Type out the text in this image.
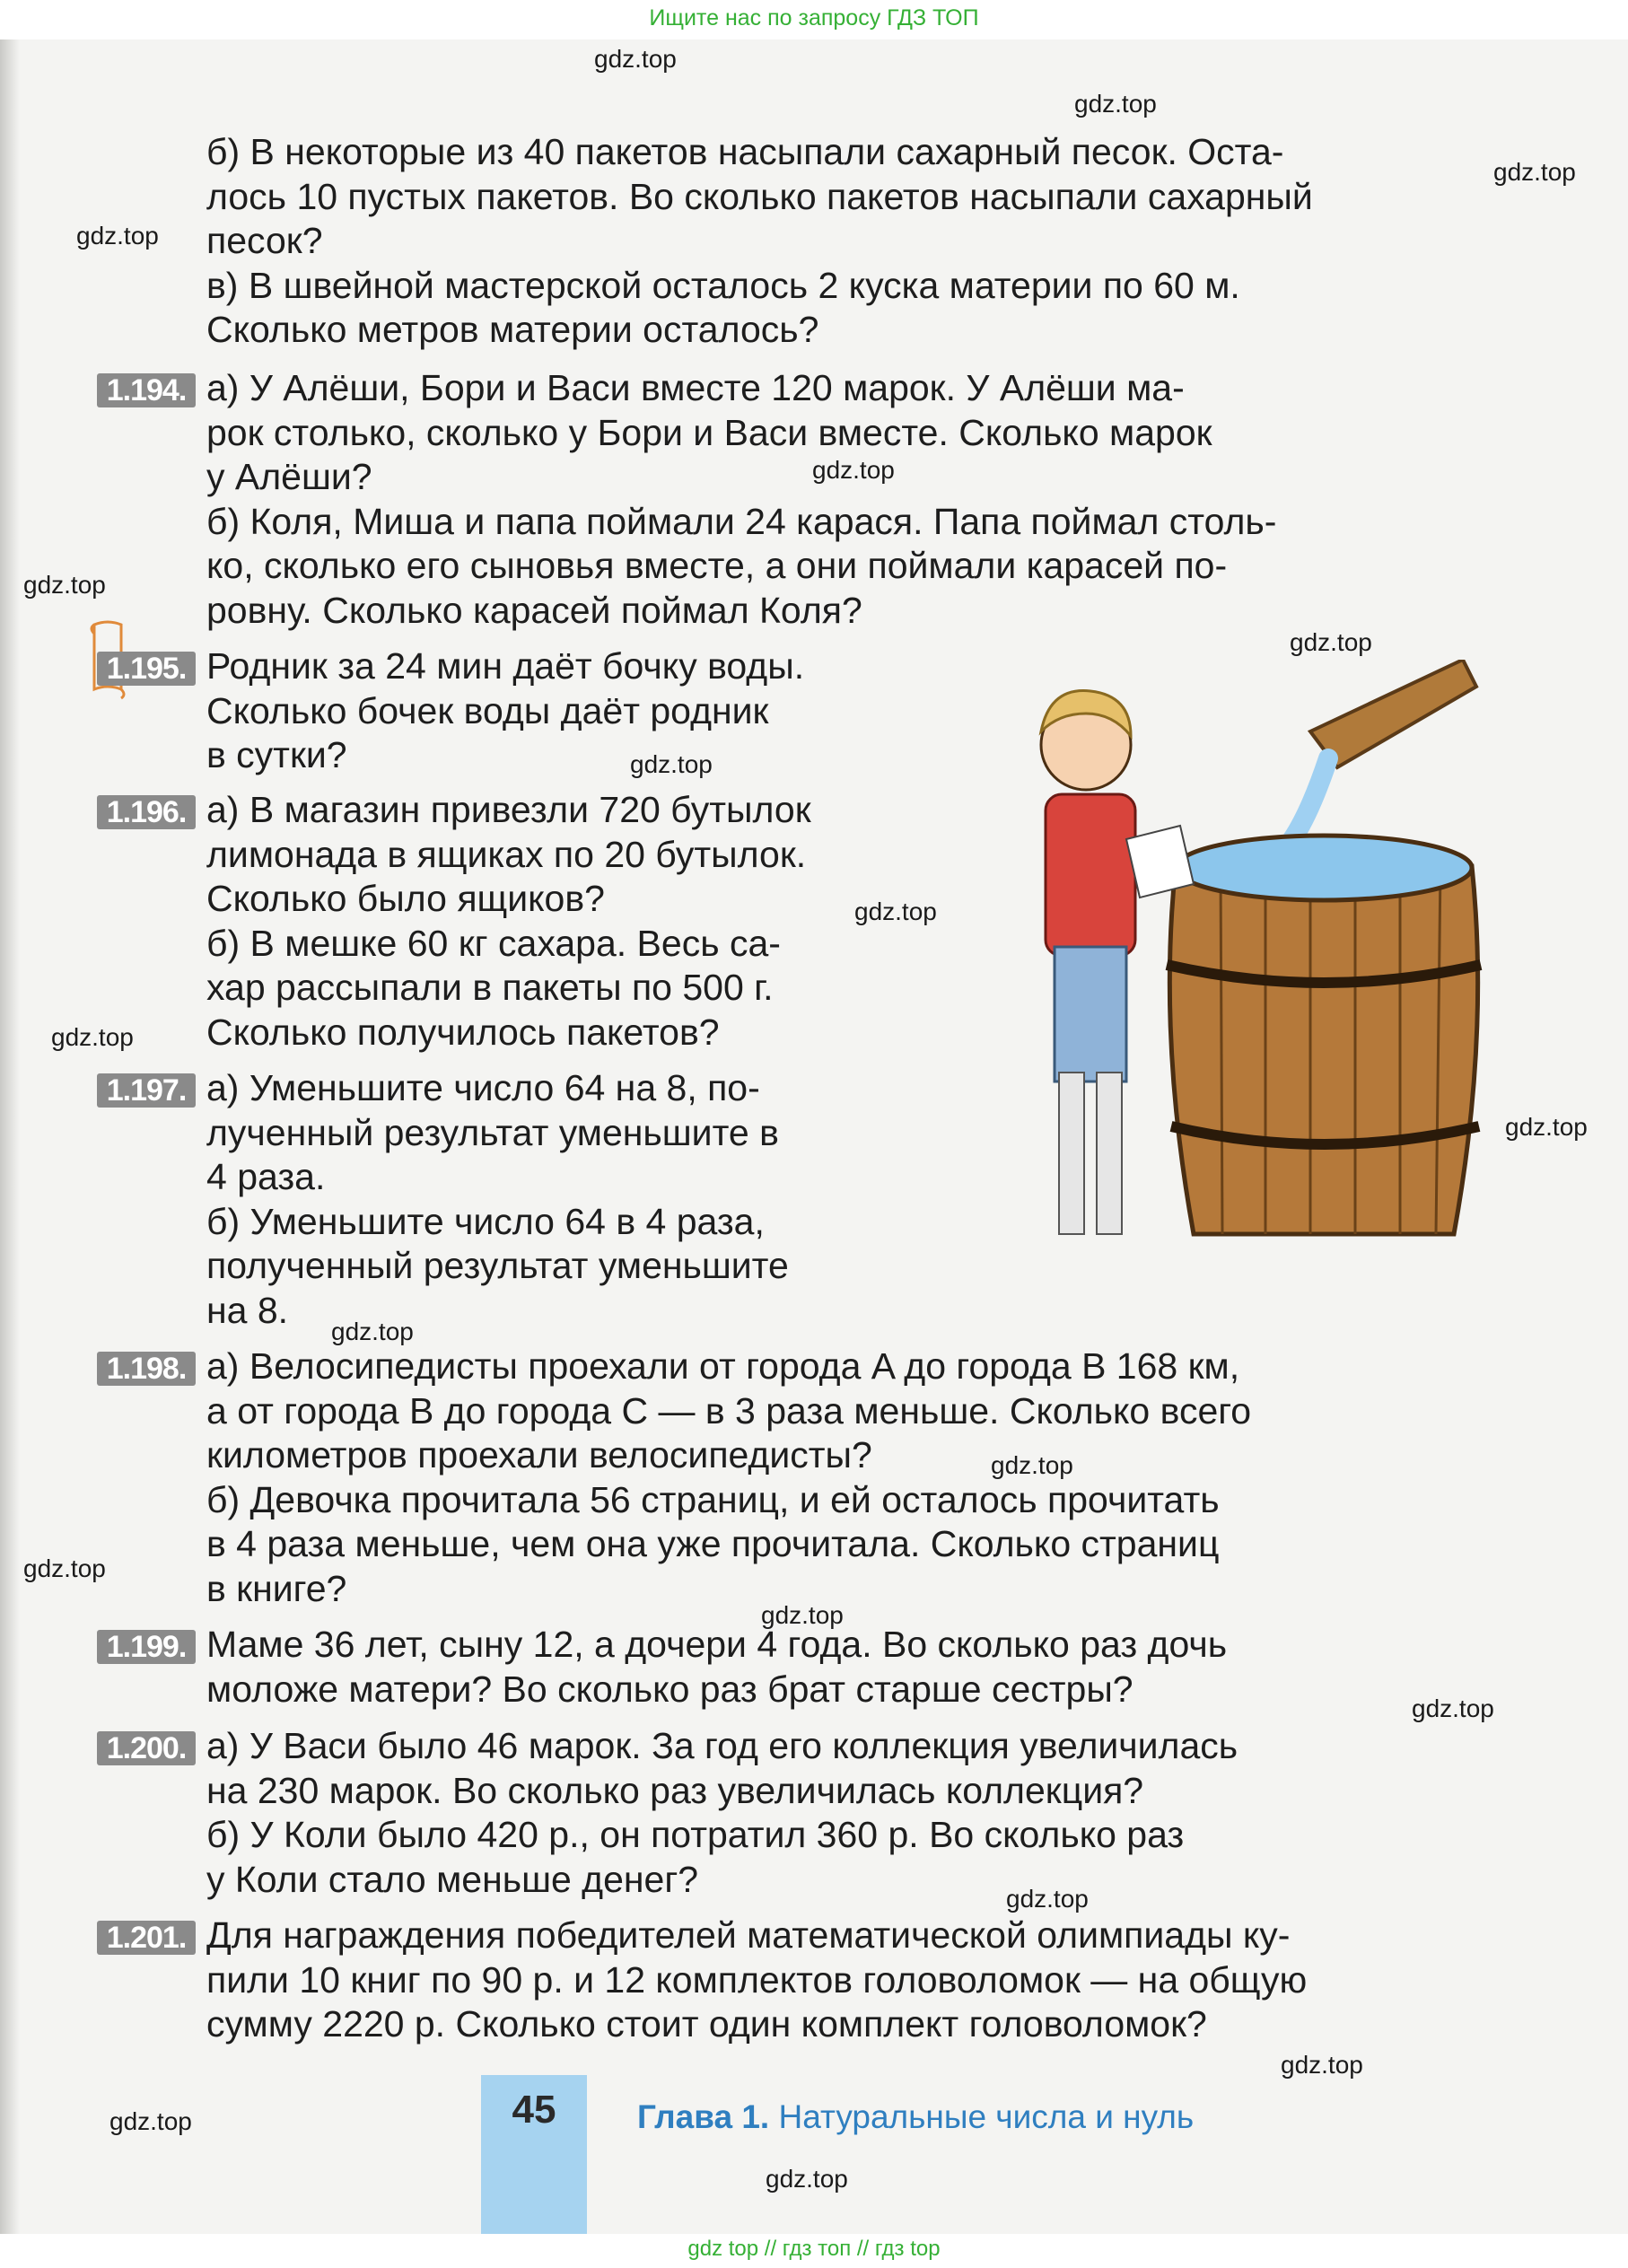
Ищите нас по запросу ГДЗ ТОП
gdz.top
gdz.top
gdz.top
gdz.top
gdz.top
gdz.top
gdz.top
gdz.top
gdz.top
gdz.top
gdz.top
gdz.top
gdz.top
gdz.top
gdz.top
gdz.top
gdz.top
gdz.top
gdz.top
gdz.top
б) В некоторые из 40 пакетов насыпали сахарный песок. Оста-
лось 10 пустых пакетов. Во сколько пакетов насыпали сахарный
песок?
в) В швейной мастерской осталось 2 куска материи по 60 м.
Сколько метров материи осталось?
1.194. а) У Алёши, Бори и Васи вместе 120 марок. У Алёши ма-
рок столько, сколько у Бори и Васи вместе. Сколько марок
у Алёши?
б) Коля, Миша и папа поймали 24 карася. Папа поймал столь-
ко, сколько его сыновья вместе, а они поймали карасей по-
ровну. Сколько карасей поймал Коля?
1.195. Родник за 24 мин даёт бочку воды.
Сколько бочек воды даёт родник
в сутки?
1.196. а) В магазин привезли 720 бутылок
лимонада в ящиках по 20 бутылок.
Сколько было ящиков?
б) В мешке 60 кг сахара. Весь са-
хар рассыпали в пакеты по 500 г.
Сколько получилось пакетов?
1.197. а) Уменьшите число 64 на 8, по-
лученный результат уменьшите в
4 раза.
б) Уменьшите число 64 в 4 раза,
полученный результат уменьшите
на 8.
1.198. а) Велосипедисты проехали от города A до города B 168 км,
а от города B до города C — в 3 раза меньше. Сколько всего
километров проехали велосипедисты?
б) Девочка прочитала 56 страниц, и ей осталось прочитать
в 4 раза меньше, чем она уже прочитала. Сколько страниц
в книге?
1.199. Маме 36 лет, сыну 12, а дочери 4 года. Во сколько раз дочь
моложе матери? Во сколько раз брат старше сестры?
1.200. а) У Васи было 46 марок. За год его коллекция увеличилась
на 230 марок. Во сколько раз увеличилась коллекция?
б) У Коли было 420 р., он потратил 360 р. Во сколько раз
у Коли стало меньше денег?
1.201. Для награждения победителей математической олимпиады ку-
пили 10 книг по 90 р. и 12 комплектов головоломок — на общую
сумму 2220 р. Сколько стоит один комплект головоломок?
45	Глава 1. Натуральные числа и нуль
gdz top // гдз топ // гдз top
